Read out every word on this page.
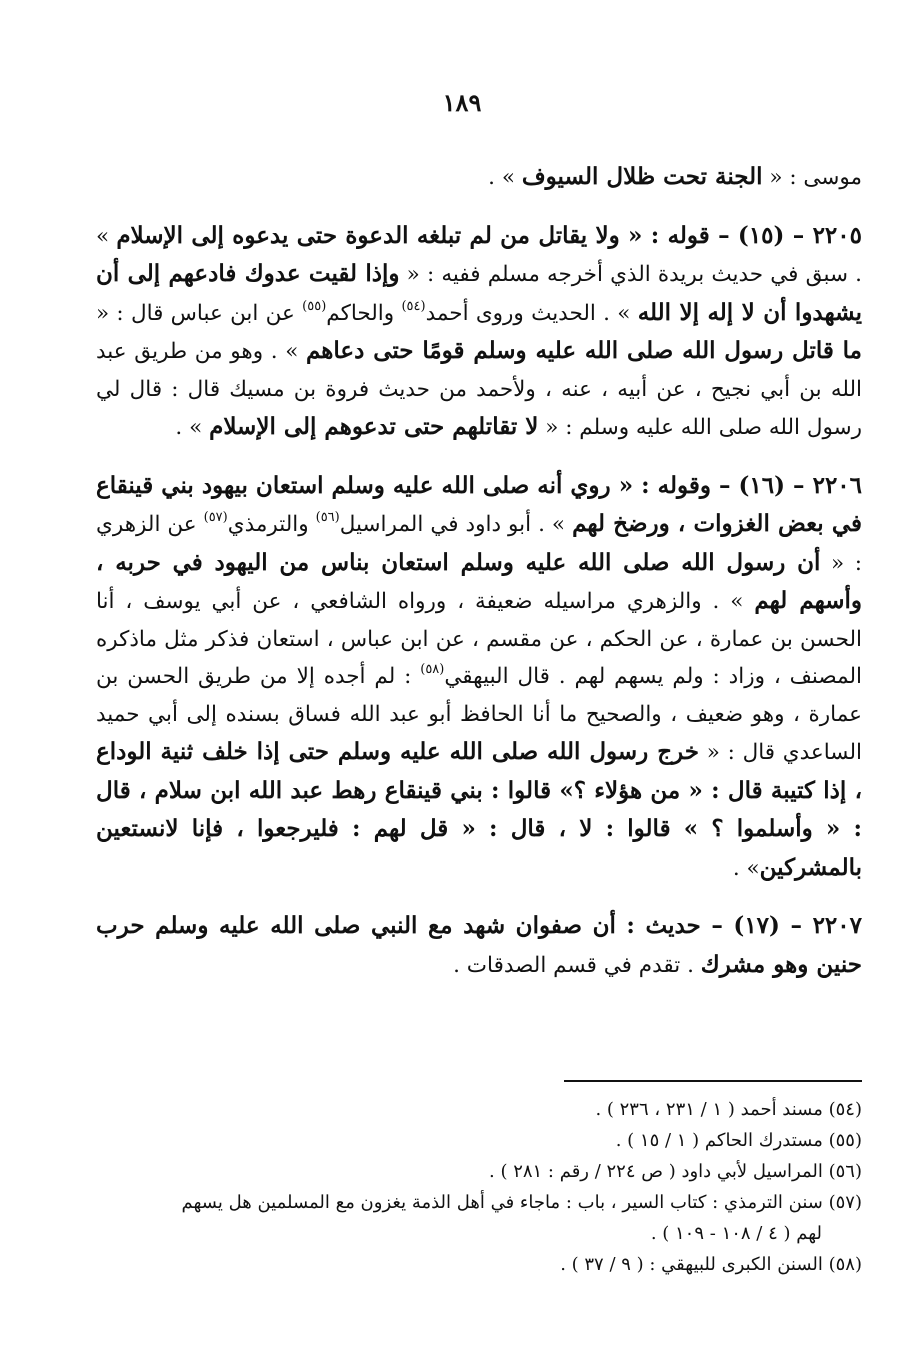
١٨٩

موسى : « الجنة تحت ظلال السيوف » .

٢٢٠٥ – (١٥) – قوله : « ولا يقاتل من لم تبلغه الدعوة حتى يدعوه إلى الإسلام » . سبق في حديث بريدة الذي أخرجه مسلم ففيه : « وإذا لقيت عدوك فادعهم إلى أن يشهدوا أن لا إله إلا الله » . الحديث وروى أحمد$^{(٥٤)}$ والحاكم$^{(٥٥)}$ عن ابن عباس قال : « ما قاتل رسول الله صلى الله عليه وسلم قومًا حتى دعاهم » . وهو من طريق عبد الله بن أبي نجيح ، عن أبيه ، عنه ، ولأحمد من حديث فروة بن مسيك قال : قال لي رسول الله صلى الله عليه وسلم : « لا تقاتلهم حتى تدعوهم إلى الإسلام » .

٢٢٠٦ – (١٦) – وقوله : « روي أنه صلى الله عليه وسلم استعان بيهود بني قينقاع في بعض الغزوات ، ورضخ لهم » . أبو داود في المراسيل$^{(٥٦)}$ والترمذي$^{(٥٧)}$ عن الزهري : « أن رسول الله صلى الله عليه وسلم استعان بناس من اليهود في حربه ، وأسهم لهم » . والزهري مراسيله ضعيفة ، ورواه الشافعي ، عن أبي يوسف ، أنا الحسن بن عمارة ، عن الحكم ، عن مقسم ، عن ابن عباس ، استعان فذكر مثل ماذكره المصنف ، وزاد : ولم يسهم لهم . قال البيهقي$^{(٥٨)}$ : لم أجده إلا من طريق الحسن بن عمارة ، وهو ضعيف ، والصحيح ما أنا الحافظ أبو عبد الله فساق بسنده إلى أبي حميد الساعدي قال : « خرج رسول الله صلى الله عليه وسلم حتى إذا خلف ثنية الوداع ، إذا كتيبة قال : « من هؤلاء ؟» قالوا : بني قينقاع رهط عبد الله ابن سلام ، قال : « وأسلموا ؟ » قالوا : لا ، قال : « قل لهم : فليرجعوا ، فإنا لانستعين بالمشركين» .

٢٢٠٧ – (١٧) – حديث : أن صفوان شهد مع النبي صلى الله عليه وسلم حرب حنين وهو مشرك . تقدم في قسم الصدقات .

(٥٤) مسند أحمد ( ١ / ٢٣١ ، ٢٣٦ ) .

(٥٥) مستدرك الحاكم ( ١ / ١٥ ) .

(٥٦) المراسيل لأبي داود ( ص ٢٢٤ / رقم : ٢٨١ ) .

(٥٧) سنن الترمذي : كتاب السير ، باب : ماجاء في أهل الذمة يغزون مع المسلمين هل يسهم
لهم ( ٤ / ١٠٨ - ١٠٩ ) .

(٥٨) السنن الكبرى للبيهقي : ( ٩ / ٣٧ ) .
